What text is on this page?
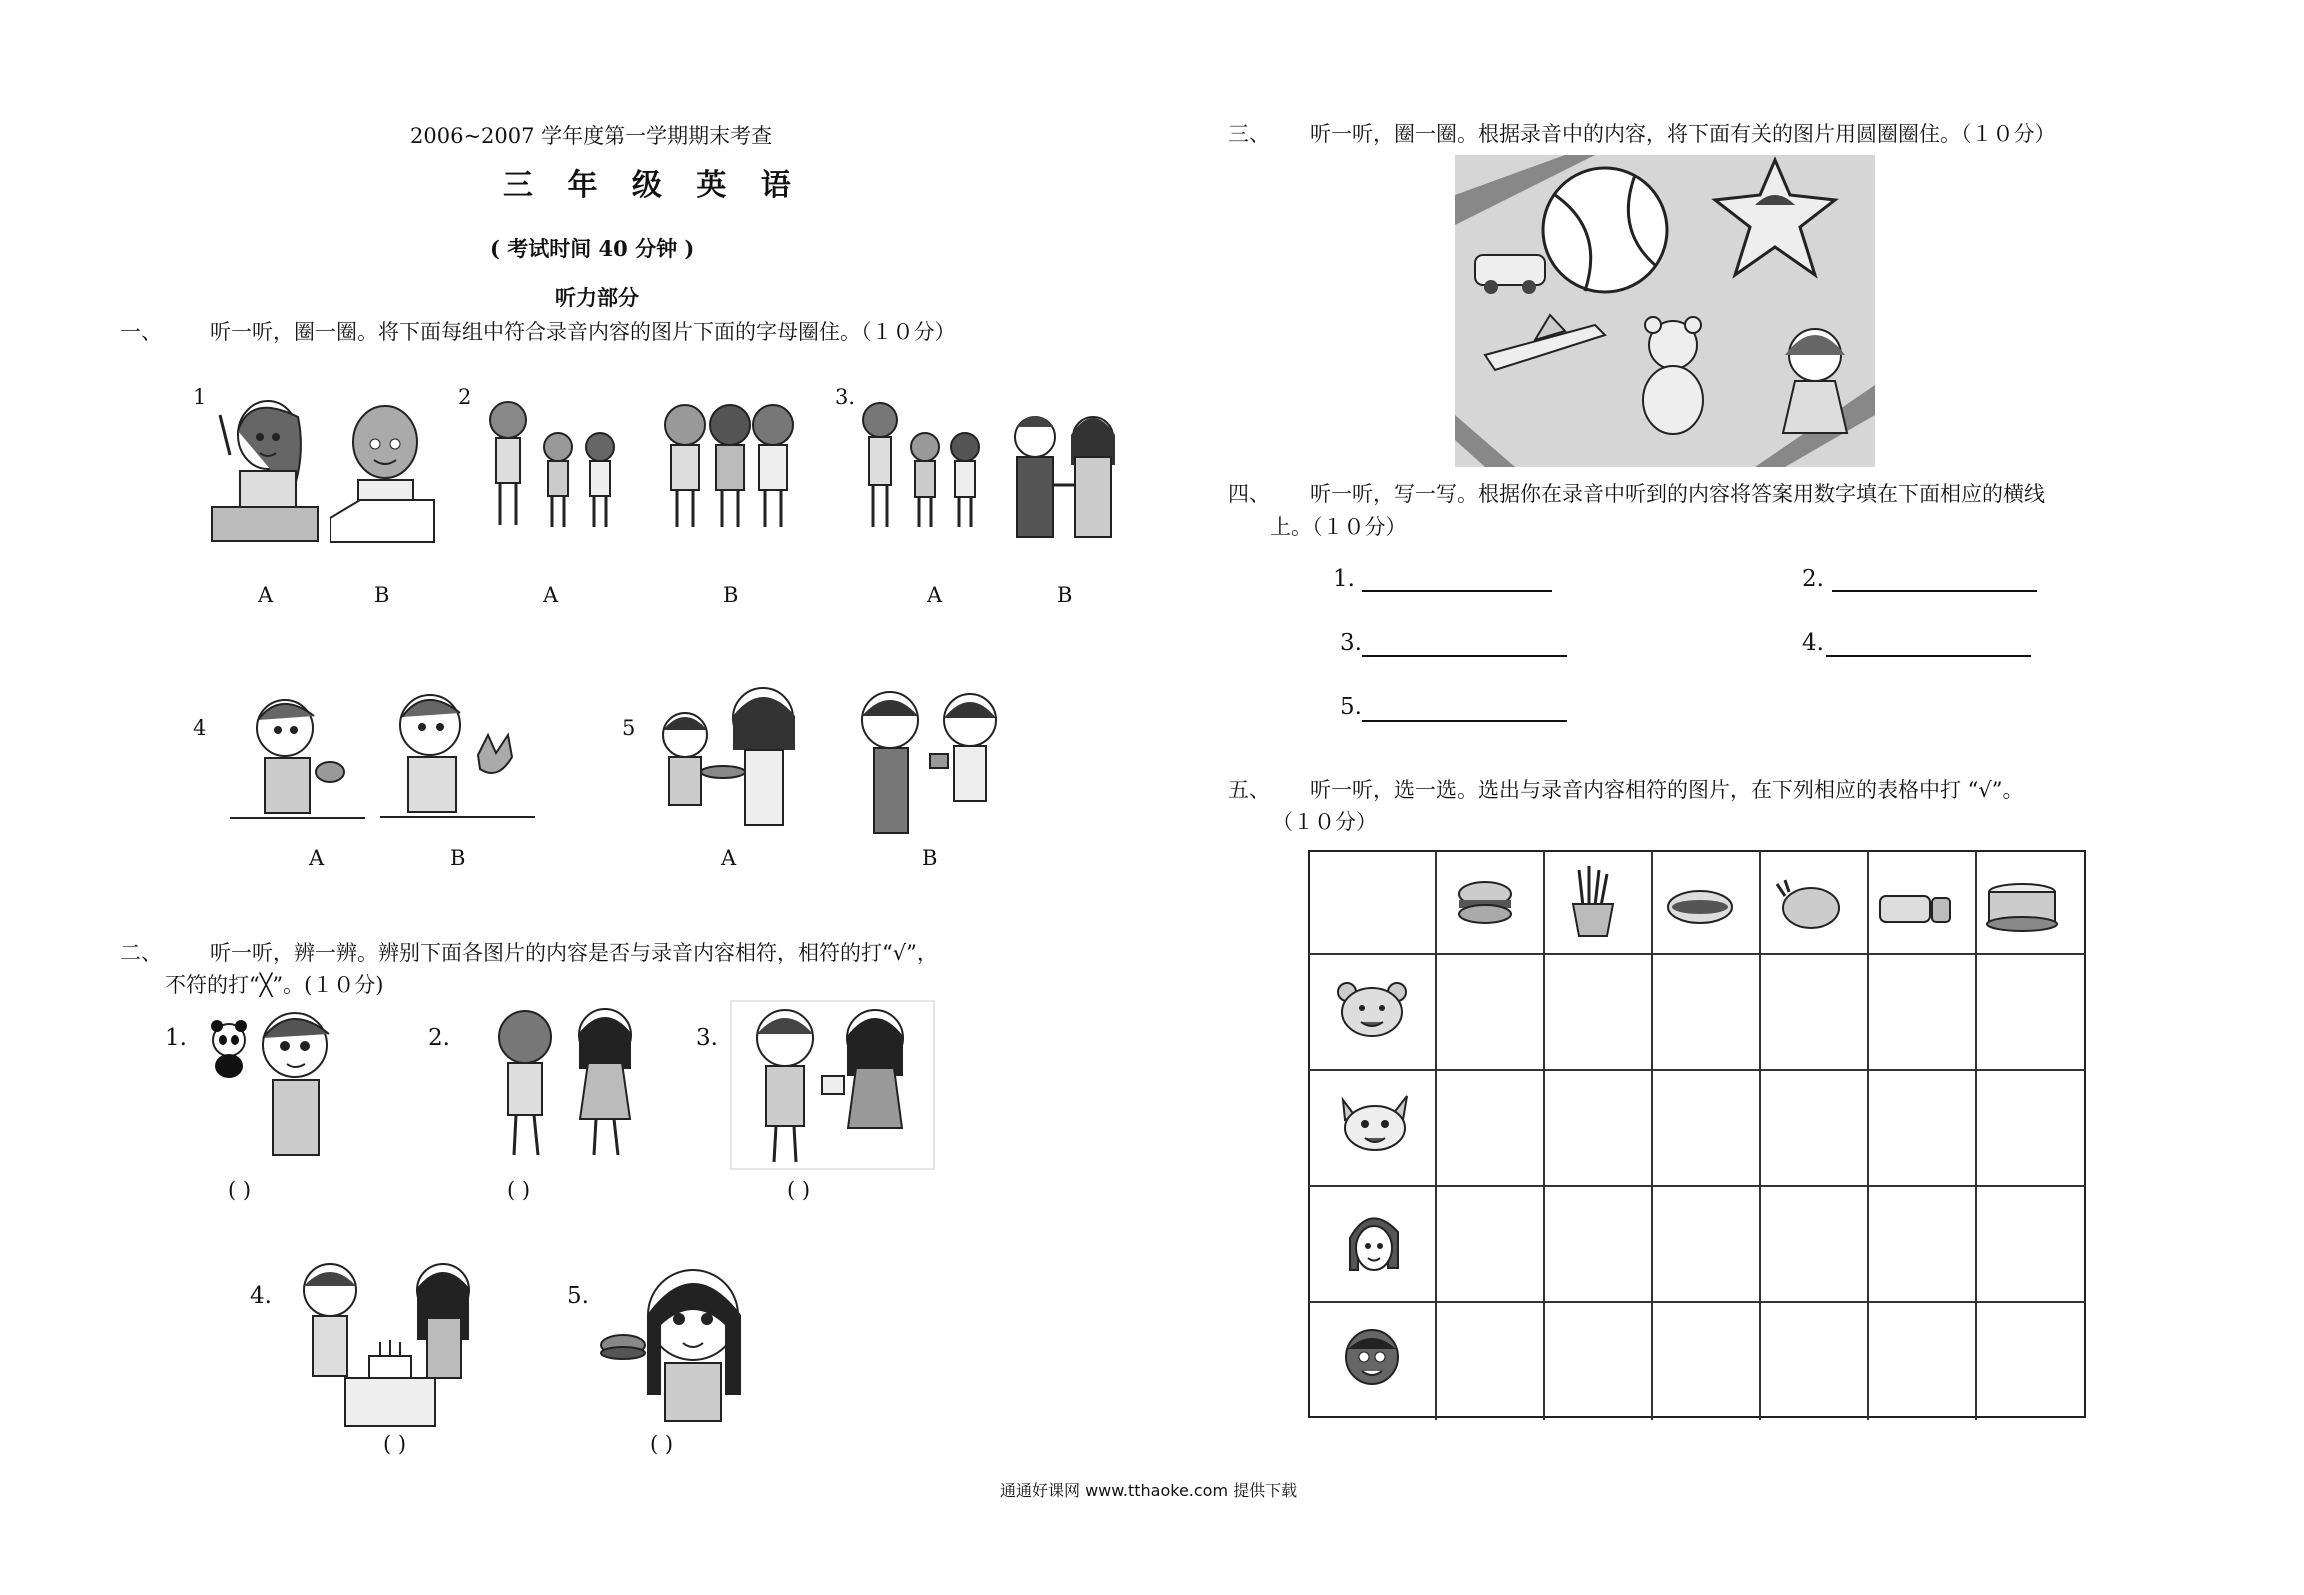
2006~2007 学年度第一学期期末考查
三 年 级 英 语
( 考试时间 40 分钟 )
听力部分
一、 听一听，圈一圈。将下面每组中符合录音内容的图片下面的字母圈住。（１０分）
1	2	3.
A	B	A	B	A	B
4	5
A	B	A	B
二、 听一听，辨一辨。辨别下面各图片的内容是否与录音内容相符，相符的打“√”，
不符的打“╳”。(１０分)
1.
( )
2.
( )
3.
( )
4.
( )
5.
( )
三、 听一听，圈一圈。根据录音中的内容，将下面有关的图片用圆圈圈住。（１０分）
四、 听一听，写一写。根据你在录音中听到的内容将答案用数字填在下面相应的横线
上。（１０分）
1.	2.
3.	4.
5.
五、 听一听，选一选。选出与录音内容相符的图片，在下列相应的表格中打 “√”。
（１０分）
通通好课网 www.tthaoke.com 提供下载
